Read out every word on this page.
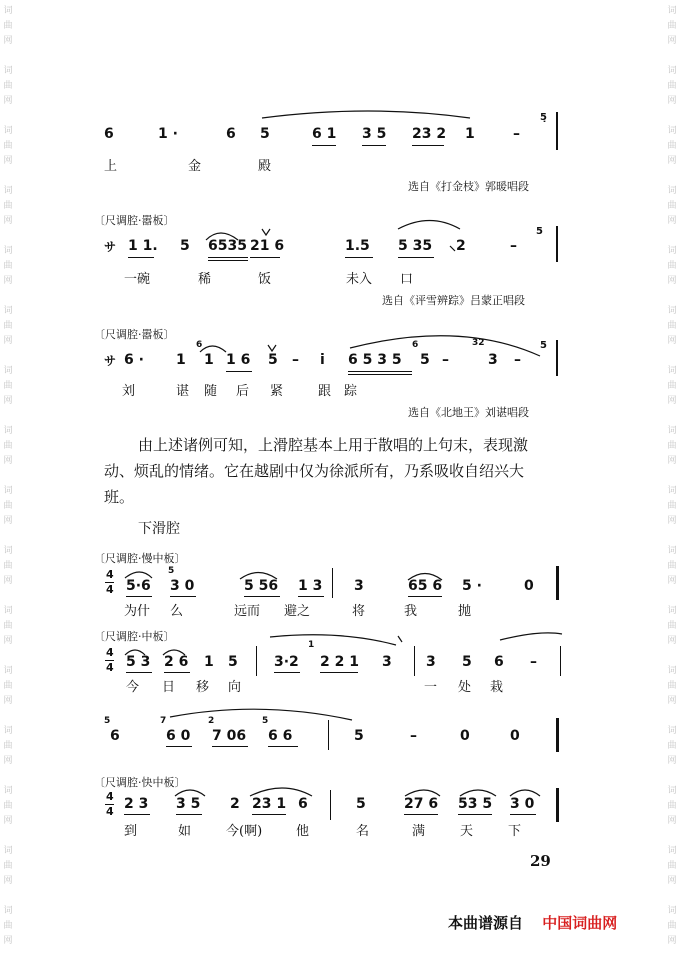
词
曲
网
词
曲
网
词
曲
网
词
曲
网
词
曲
网
词
曲
网
词
曲
网
词
曲
网
词
曲
网
词
曲
网
词
曲
网
词
曲
网
词
曲
网
词
曲
网
词
曲
网
词
曲
网
词
曲
网
词
曲
网
词
曲
网
词
曲
网
词
曲
网
词
曲
网
词
曲
网
词
曲
网
词
曲
网
词
曲
网
词
曲
网
词
曲
网
词
曲
网
词
曲
网
词
曲
网
词
曲
网
6	1 ·	6 5	6 1 3 5 23 2 1	–
5̣
上	金	殿
选自《打金枝》郭暖唱段
〔尺调腔·嚣板〕
サ 1 1. 5 6535 21 6	1.5 5 35 2	–
5
一碗	稀	饭	未入 口
选自《评雪辨踪》吕蒙正唱段
〔尺调腔·嚣板〕
サ 6 · 1 1 1 6 5 – i 6 5 3 5 5 –	3 –
5
6	6	32
刘	谌 随 后 紧	跟 踪
选自《北地王》刘谌唱段
由上述诸例可知，上滑腔基本上用于散唱的上句末，表现激
动、烦乱的情绪。它在越剧中仅为徐派所有，乃系吸收自绍兴大
班。
下滑腔
〔尺调腔·慢中板〕
4
4 5·6 3 0	5 56 1 3 3	65 6 5 ·	0
5
为什 么	远而 避之	将	我	抛
〔尺调腔·中板〕
4
4 5 3 2 6 1 5	3·2 2 2 1 3 3 5 6 –
1
今 日 移 向	一 处 栽
6	6 0 7 06 6 6	5	–	0	0
5	7	2	5
〔尺调腔·快中板〕
4
4 2 3 3 5 2 23 1 6	5	27 6 53 5 3 0
到	如	今(啊)	他	名	满	天	下
29
本曲谱源自 中国词曲网
